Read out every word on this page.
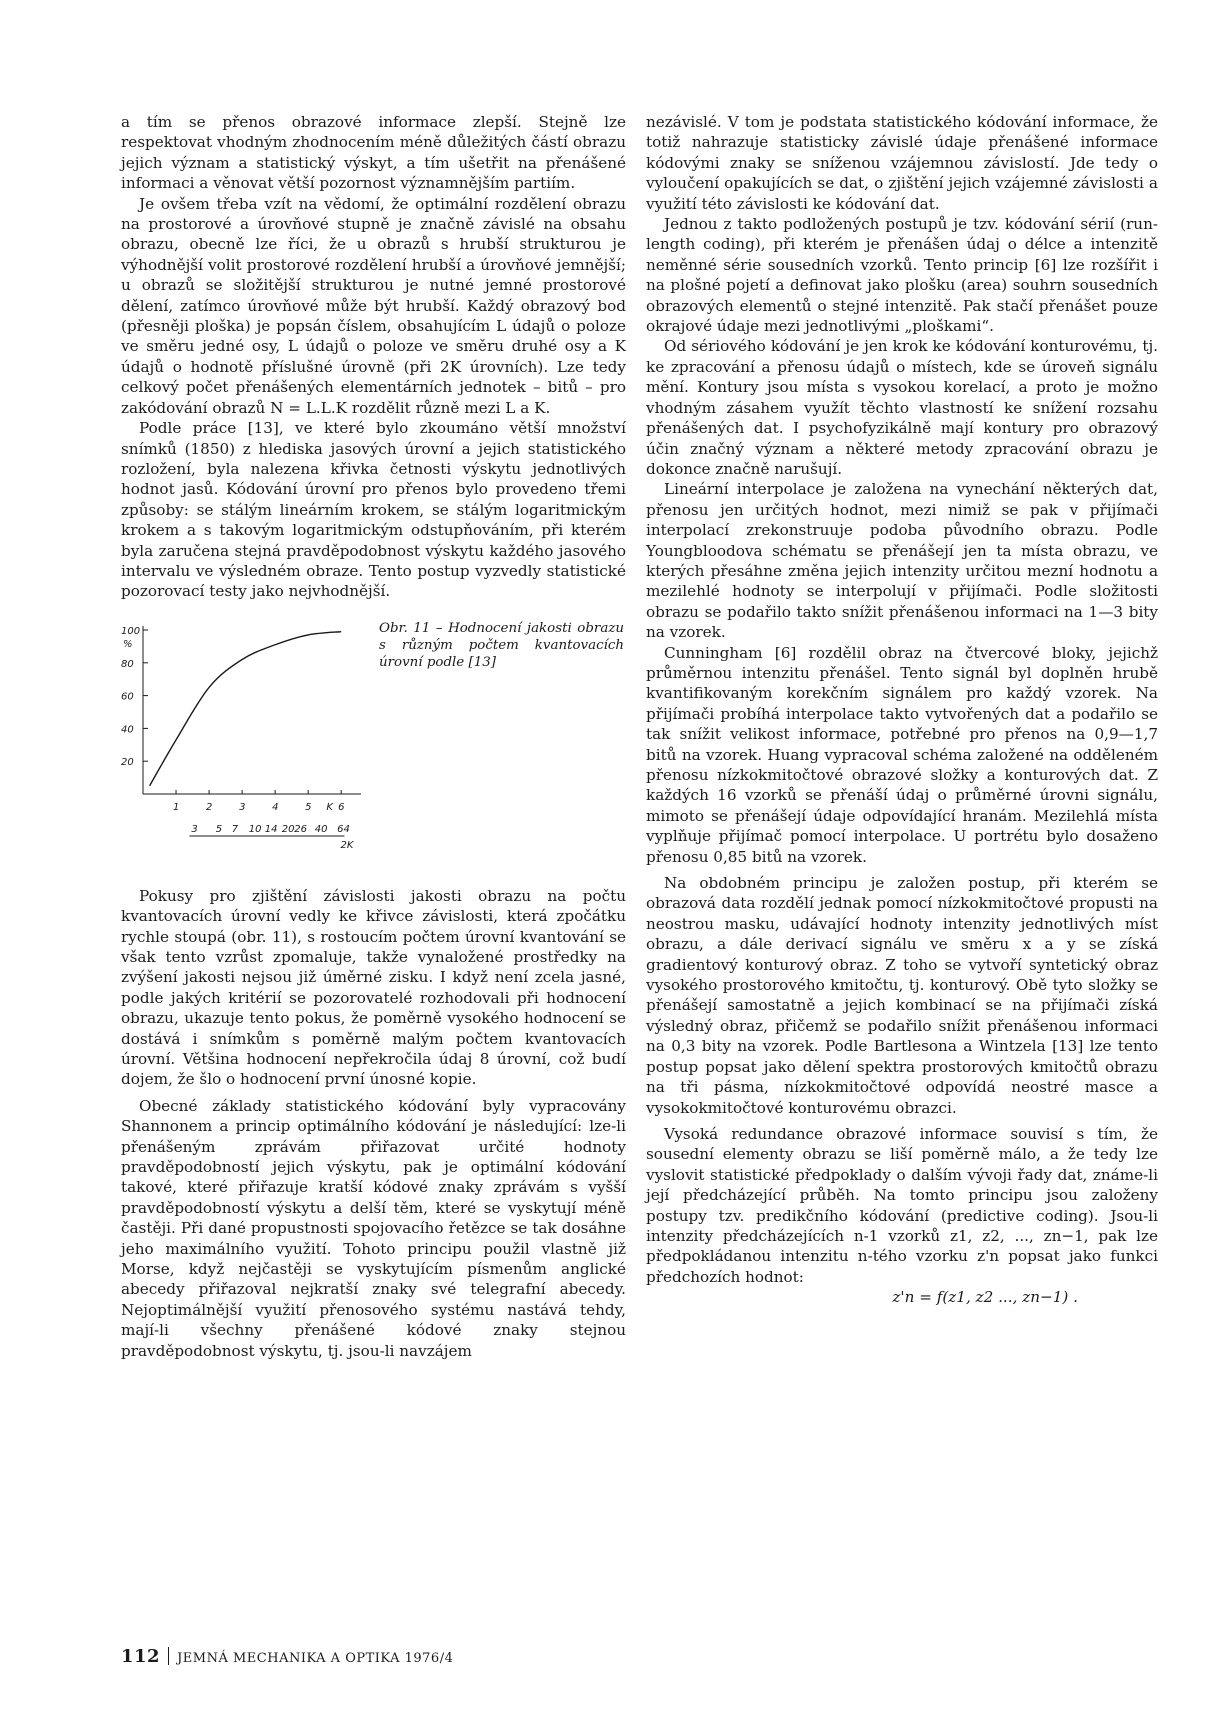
a tím se přenos obrazové informace zlepší. Stejně lze respektovat vhodným zhodnocením méně důležitých částí obrazu jejich význam a statistický výskyt, a tím ušetřit na přenášené informaci a věnovat větší pozornost významnějším partiím.

Je ovšem třeba vzít na vědomí, že optimální rozdělení obrazu na prostorové a úrovňové stupně je značně závislé na obsahu obrazu, obecně lze říci, že u obrazů s hrubší strukturou je výhodnější volit prostorové rozdělení hrubší a úrovňové jemnější; u obrazů se složitější strukturou je nutné jemné prostorové dělení, zatímco úrovňové může být hrubší. Každý obrazový bod (přesněji ploška) je popsán číslem, obsahujícím L údajů o poloze ve směru jedné osy, L údajů o poloze ve směru druhé osy a K údajů o hodnotě příslušné úrovně (při 2K úrovních). Lze tedy celkový počet přenášených elementárních jednotek – bitů – pro zakódování obrazů N = L.L.K rozdělit různě mezi L a K.

Podle práce [13], ve které bylo zkoumáno větší množství snímků (1850) z hlediska jasových úrovní a jejich statistického rozložení, byla nalezena křivka četnosti výskytu jednotlivých hodnot jasů. Kódování úrovní pro přenos bylo provedeno třemi způsoby: se stálým lineárním krokem, se stálým logaritmickým krokem a s takovým logaritmickým odstupňováním, při kterém byla zaručena stejná pravděpodobnost výskytu každého jasového intervalu ve výsledném obraze. Tento postup vyzvedly statistické pozorovací testy jako nejvhodnější.

100
80
60
40
20
%
1	2	3	4	5	6
K
3 5 7 10 14 20 26 40 64
2K
Obr. 11 – Hodnocení jakosti obrazu s různým počtem kvantovacích úrovní podle [13]

Pokusy pro zjištění závislosti jakosti obrazu na počtu kvantovacích úrovní vedly ke křivce závislosti, která zpočátku rychle stoupá (obr. 11), s rostoucím počtem úrovní kvantování se však tento vzrůst zpomaluje, takže vynaložené prostředky na zvýšení jakosti nejsou již úměrné zisku. I když není zcela jasné, podle jakých kritérií se pozorovatelé rozhodovali při hodnocení obrazu, ukazuje tento pokus, že poměrně vysokého hodnocení se dostává i snímkům s poměrně malým počtem kvantovacích úrovní. Většina hodnocení nepřekročila údaj 8 úrovní, což budí dojem, že šlo o hodnocení první únosné kopie.

Obecné základy statistického kódování byly vypracovány Shannonem a princip optimálního kódování je následující: lze-li přenášeným zprávám přiřazovat určité hodnoty pravděpodobností jejich výskytu, pak je optimální kódování takové, které přiřazuje kratší kódové znaky zprávám s vyšší pravděpodobností výskytu a delší těm, které se vyskytují méně častěji. Při dané propustnosti spojovacího řetězce se tak dosáhne jeho maximálního využití. Tohoto principu použil vlastně již Morse, když nejčastěji se vyskytujícím písmenům anglické abecedy přiřazoval nejkratší znaky své telegrafní abecedy. Nejoptimálnější využití přenosového systému nastává tehdy, mají-li všechny přenášené kódové znaky stejnou pravděpodobnost výskytu, tj. jsou-li navzájem

nezávislé. V tom je podstata statistického kódování informace, že totiž nahrazuje statisticky závislé údaje přenášené informace kódovými znaky se sníženou vzájemnou závislostí. Jde tedy o vyloučení opakujících se dat, o zjištění jejich vzájemné závislosti a využití této závislosti ke kódování dat.

Jednou z takto podložených postupů je tzv. kódování sérií (run-length coding), při kterém je přenášen údaj o délce a intenzitě neměnné série sousedních vzorků. Tento princip [6] lze rozšířit i na plošné pojetí a definovat jako plošku (area) souhrn sousedních obrazových elementů o stejné intenzitě. Pak stačí přenášet pouze okrajové údaje mezi jednotlivými „ploškami“.

Od sériového kódování je jen krok ke kódování konturovému, tj. ke zpracování a přenosu údajů o místech, kde se úroveň signálu mění. Kontury jsou místa s vysokou korelací, a proto je možno vhodným zásahem využít těchto vlastností ke snížení rozsahu přenášených dat. I psychofyzikálně mají kontury pro obrazový účin značný význam a některé metody zpracování obrazu je dokonce značně narušují.

Lineární interpolace je založena na vynechání některých dat, přenosu jen určitých hodnot, mezi nimiž se pak v přijímači interpolací zrekonstruuje podoba původního obrazu. Podle Youngbloodova schématu se přenášejí jen ta místa obrazu, ve kterých přesáhne změna jejich intenzity určitou mezní hodnotu a mezilehlé hodnoty se interpolují v přijímači. Podle složitosti obrazu se podařilo takto snížit přenášenou informaci na 1—3 bity na vzorek.

Cunningham [6] rozdělil obraz na čtvercové bloky, jejichž průměrnou intenzitu přenášel. Tento signál byl doplněn hrubě kvantifikovaným korekčním signálem pro každý vzorek. Na přijímači probíhá interpolace takto vytvořených dat a podařilo se tak snížit velikost informace, potřebné pro přenos na 0,9—1,7 bitů na vzorek. Huang vypracoval schéma založené na odděleném přenosu nízkokmitočtové obrazové složky a konturových dat. Z každých 16 vzorků se přenáší údaj o průměrné úrovni signálu, mimoto se přenášejí údaje odpovídající hranám. Mezilehlá místa vyplňuje přijímač pomocí interpolace. U portrétu bylo dosaženo přenosu 0,85 bitů na vzorek.

Na obdobném principu je založen postup, při kterém se obrazová data rozdělí jednak pomocí nízkokmitočtové propusti na neostrou masku, udávající hodnoty intenzity jednotlivých míst obrazu, a dále derivací signálu ve směru x a y se získá gradientový konturový obraz. Z toho se vytvoří syntetický obraz vysokého prostorového kmitočtu, tj. konturový. Obě tyto složky se přenášejí samostatně a jejich kombinací se na přijímači získá výsledný obraz, přičemž se podařilo snížit přenášenou informaci na 0,3 bity na vzorek. Podle Bartlesona a Wintzela [13] lze tento postup popsat jako dělení spektra prostorových kmitočtů obrazu na tři pásma, nízkokmitočtové odpovídá neostré masce a vysokokmitočtové konturovému obrazci.

Vysoká redundance obrazové informace souvisí s tím, že sousední elementy obrazu se liší poměrně málo, a že tedy lze vyslovit statistické předpoklady o dalším vývoji řady dat, známe-li její předcházející průběh. Na tomto principu jsou založeny postupy tzv. predikčního kódování (predictive coding). Jsou-li intenzity předcházejících n-1 vzorků z1, z2, ..., zn−1, pak lze předpokládanou intenzitu n-tého vzorku z'n popsat jako funkci předchozích hodnot:

z'n = f(z1, z2 ..., zn−1) .

112 JEMNÁ MECHANIKA A OPTIKA 1976/4
